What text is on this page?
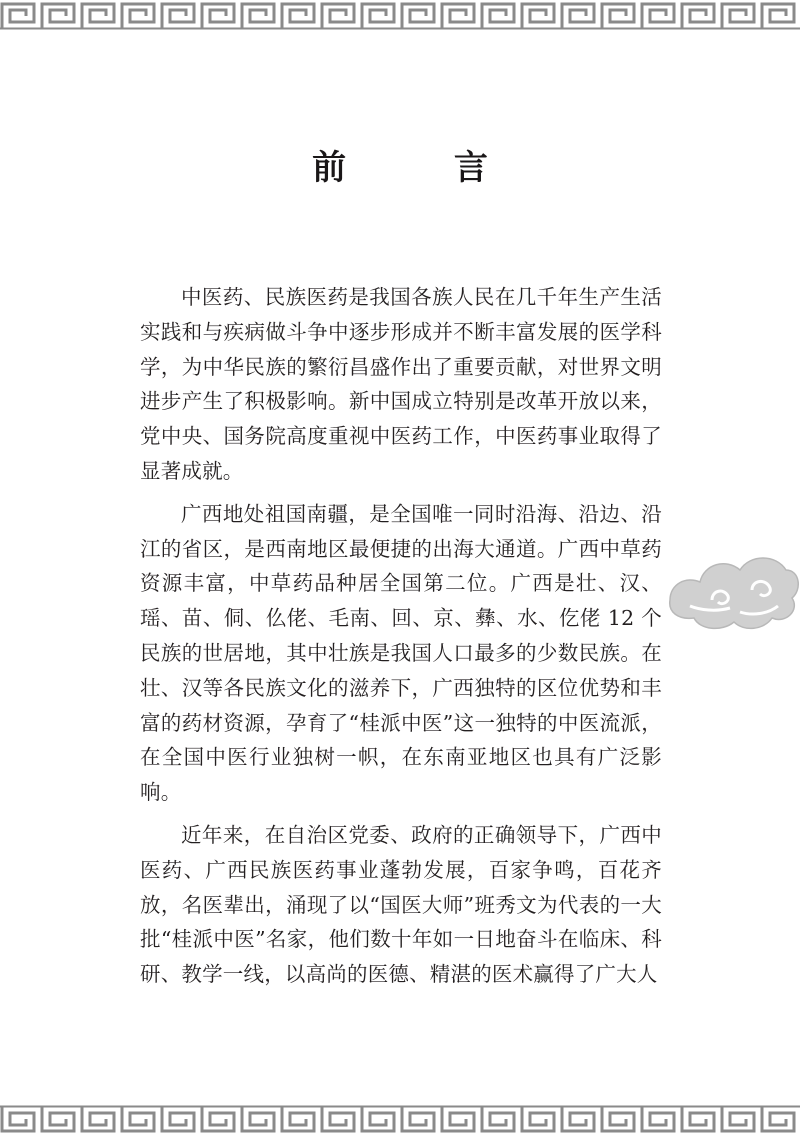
前 言

中医药、民族医药是我国各族人民在几千年生产生活实践和与疾病做斗争中逐步形成并不断丰富发展的医学科学，为中华民族的繁衍昌盛作出了重要贡献，对世界文明进步产生了积极影响。新中国成立特别是改革开放以来，党中央、国务院高度重视中医药工作，中医药事业取得了显著成就。

广西地处祖国南疆，是全国唯一同时沿海、沿边、沿江的省区，是西南地区最便捷的出海大通道。广西中草药资源丰富，中草药品种居全国第二位。广西是壮、汉、瑶、苗、侗、仫佬、毛南、回、京、彝、水、仡佬 12 个民族的世居地，其中壮族是我国人口最多的少数民族。在壮、汉等各民族文化的滋养下，广西独特的区位优势和丰富的药材资源，孕育了“桂派中医”这一独特的中医流派，在全国中医行业独树一帜，在东南亚地区也具有广泛影响。

近年来，在自治区党委、政府的正确领导下，广西中医药、广西民族医药事业蓬勃发展，百家争鸣，百花齐放，名医辈出，涌现了以“国医大师”班秀文为代表的一大批“桂派中医”名家，他们数十年如一日地奋斗在临床、科研、教学一线，以高尚的医德、精湛的医术赢得了广大人
